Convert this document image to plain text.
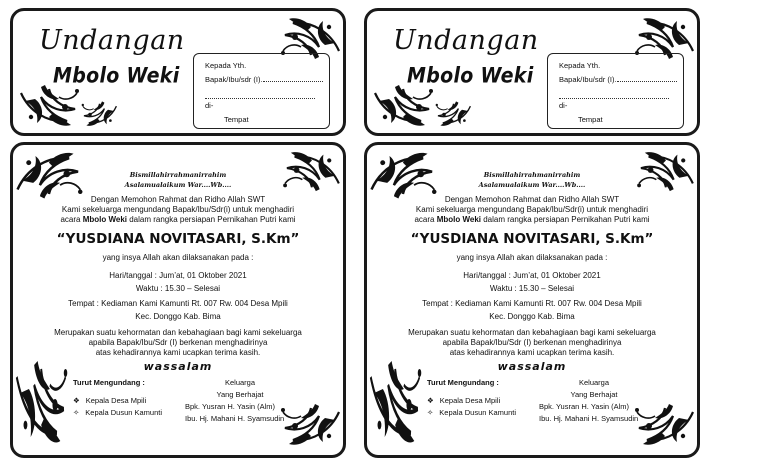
Undangan
Mbolo Weki	Kepada Yth.
Bapak/Ibu/sdr (I).
di-
Tempat
Bismillahirrahmanirrahim
Asalamualaikum War....Wb....
Dengan Memohon Rahmat dan Ridho Allah SWT
Kami sekeluarga mengundang Bapak/Ibu/Sdr(i) untuk menghadiri
acara Mbolo Weki dalam rangka persiapan Pernikahan Putri kami
“YUSDIANA NOVITASARI, S.Km”
yang insya Allah akan dilaksanakan pada :
Hari/tanggal : Jum’at, 01 Oktober 2021
Waktu : 15.30 – Selesai
Tempat : Kediaman Kami Kamunti Rt. 007 Rw. 004 Desa Mpili
Kec. Donggo Kab. Bima
Merupakan suatu kehormatan dan kebahagiaan bagi kami sekeluarga
apabila Bapak/Ibu/Sdr (I) berkenan menghadirinya
atas kehadirannya kami ucapkan terima kasih.
wassalam
Turut Mengundang :
❖ Kepala Desa Mpili
✧ Kepala Dusun Kamunti
Keluarga
Yang Berhajat
Bpk. Yusran H. Yasin (Alm)
Ibu. Hj. Mahani H. Syamsudin
Undangan
Mbolo Weki	Kepada Yth.
Bapak/Ibu/sdr (I).
di-
Tempat
Bismillahirrahmanirrahim
Asalamualaikum War....Wb....
Dengan Memohon Rahmat dan Ridho Allah SWT
Kami sekeluarga mengundang Bapak/Ibu/Sdr(i) untuk menghadiri
acara Mbolo Weki dalam rangka persiapan Pernikahan Putri kami
“YUSDIANA NOVITASARI, S.Km”
yang insya Allah akan dilaksanakan pada :
Hari/tanggal : Jum’at, 01 Oktober 2021
Waktu : 15.30 – Selesai
Tempat : Kediaman Kami Kamunti Rt. 007 Rw. 004 Desa Mpili
Kec. Donggo Kab. Bima
Merupakan suatu kehormatan dan kebahagiaan bagi kami sekeluarga
apabila Bapak/Ibu/Sdr (I) berkenan menghadirinya
atas kehadirannya kami ucapkan terima kasih.
wassalam
Turut Mengundang :
❖ Kepala Desa Mpili
✧ Kepala Dusun Kamunti
Keluarga
Yang Berhajat
Bpk. Yusran H. Yasin (Alm)
Ibu. Hj. Mahani H. Syamsudin
